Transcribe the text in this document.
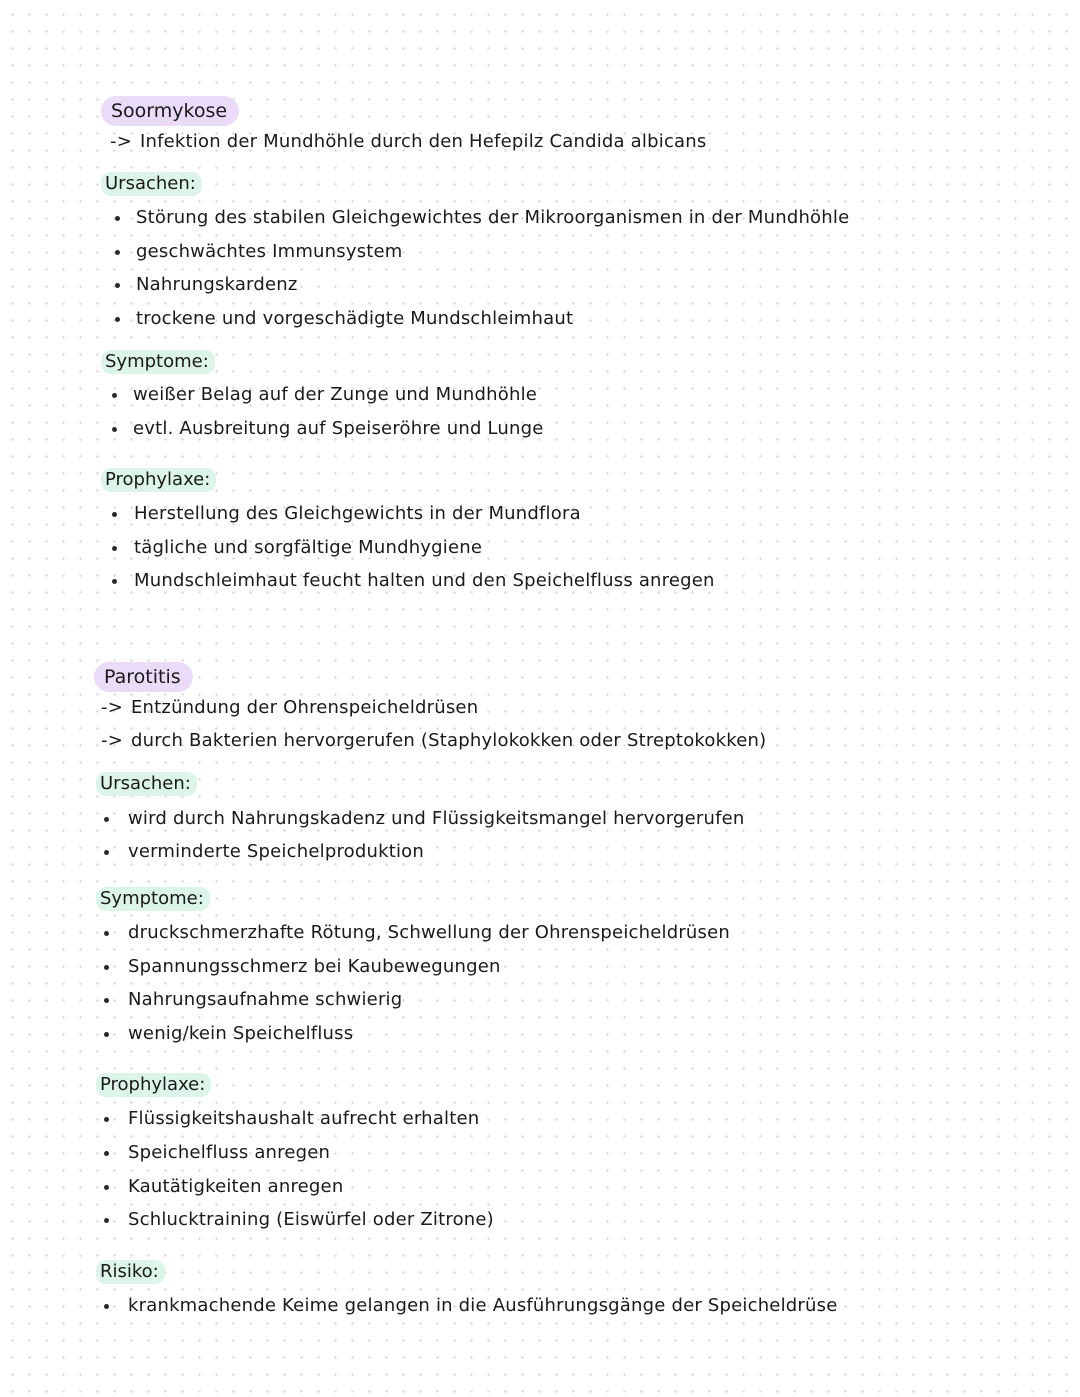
Soormykose
-> Infektion der Mundhöhle durch den Hefepilz Candida albicans
Ursachen:
Störung des stabilen Gleichgewichtes der Mikroorganismen in der Mundhöhle
geschwächtes Immunsystem
Nahrungskardenz
trockene und vorgeschädigte Mundschleimhaut
Symptome:
weißer Belag auf der Zunge und Mundhöhle
evtl. Ausbreitung auf Speiseröhre und Lunge
Prophylaxe:
Herstellung des Gleichgewichts in der Mundflora
tägliche und sorgfältige Mundhygiene
Mundschleimhaut feucht halten und den Speichelfluss anregen
Parotitis
-> Entzündung der Ohrenspeicheldrüsen
-> durch Bakterien hervorgerufen (Staphylokokken oder Streptokokken)
Ursachen:
wird durch Nahrungskadenz und Flüssigkeitsmangel hervorgerufen
verminderte Speichelproduktion
Symptome:
druckschmerzhafte Rötung, Schwellung der Ohrenspeicheldrüsen
Spannungsschmerz bei Kaubewegungen
Nahrungsaufnahme schwierig
wenig/kein Speichelfluss
Prophylaxe:
Flüssigkeitshaushalt aufrecht erhalten
Speichelfluss anregen
Kautätigkeiten anregen
Schlucktraining (Eiswürfel oder Zitrone)
Risiko:
krankmachende Keime gelangen in die Ausführungsgänge der Speicheldrüse
